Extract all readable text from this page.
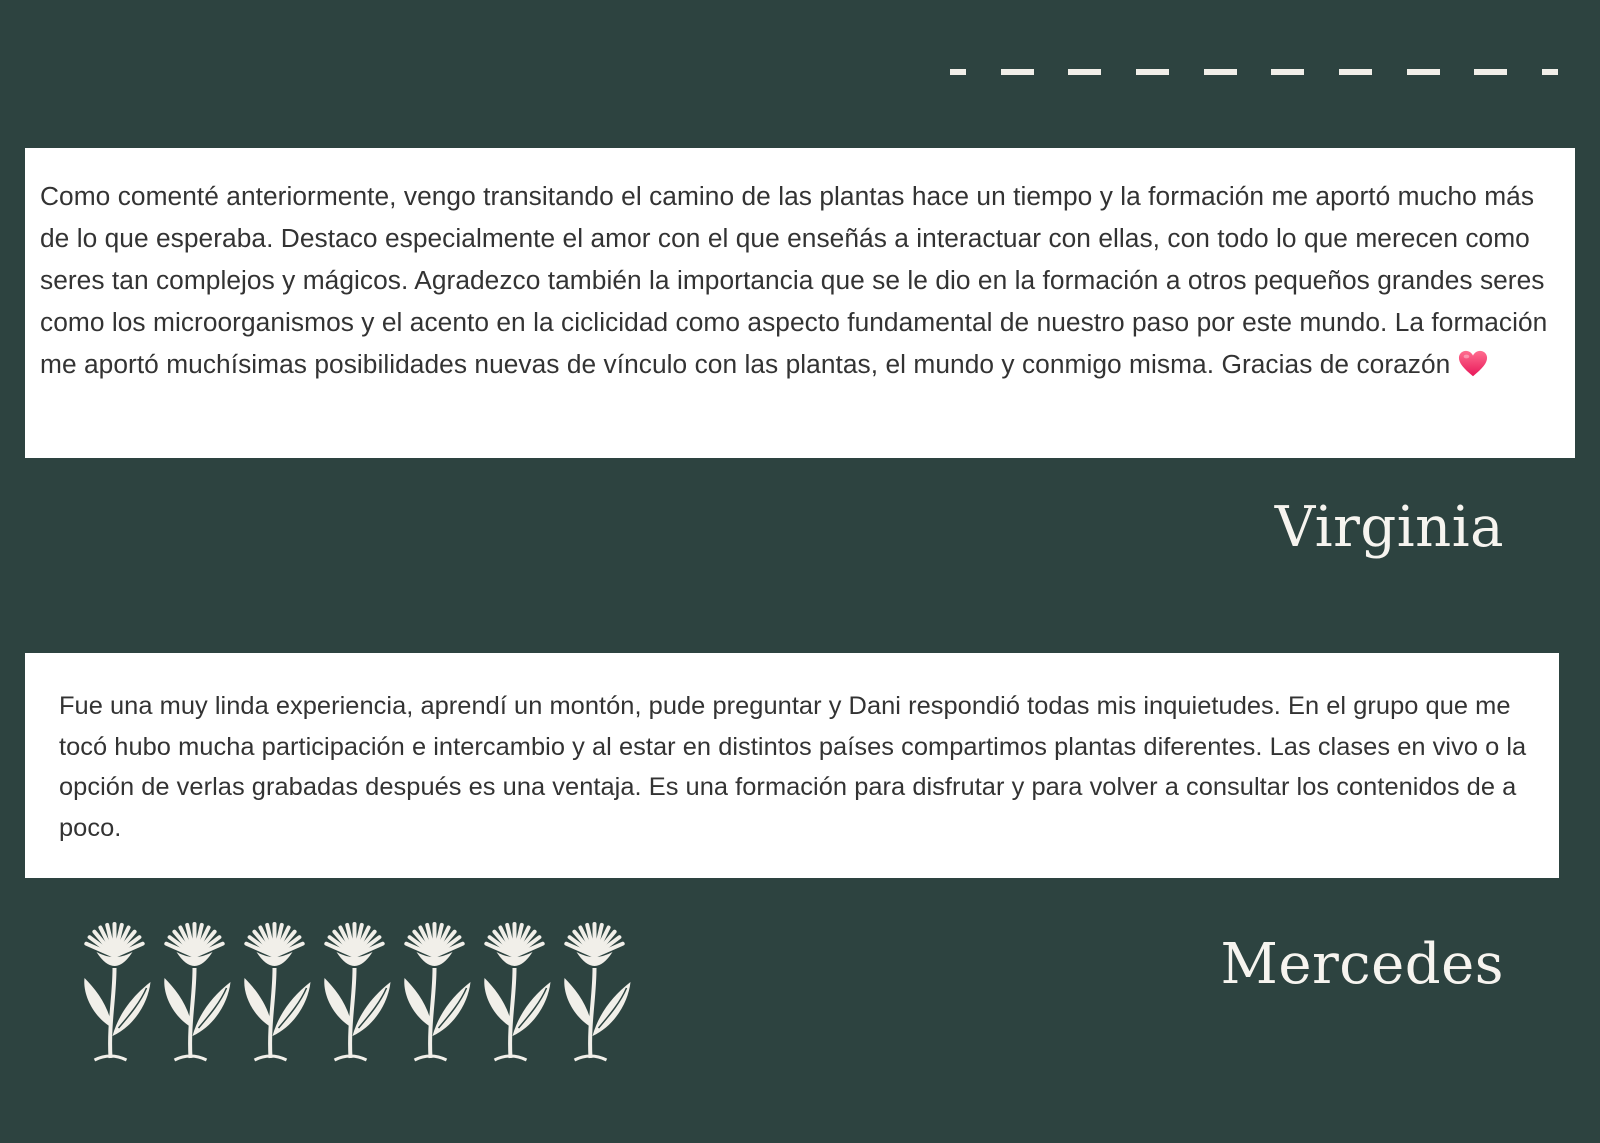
Como comenté anteriormente, vengo transitando el camino de las plantas hace un tiempo y la formación me aportó mucho más de lo que esperaba. Destaco especialmente el amor con el que enseñás a interactuar con ellas, con todo lo que merecen como seres tan complejos y mágicos. Agradezco también la importancia que se le dio en la formación a otros pequeños grandes seres como los microorganismos y el acento en la ciclicidad como aspecto fundamental de nuestro paso por este mundo. La formación me aportó muchísimas posibilidades nuevas de vínculo con las plantas, el mundo y conmigo misma. Gracias de corazón

Virginia

Fue una muy linda experiencia, aprendí un montón, pude preguntar y Dani respondió todas mis inquietudes. En el grupo que me tocó hubo mucha participación e intercambio y al estar en distintos países compartimos plantas diferentes. Las clases en vivo o la opción de verlas grabadas después es una ventaja. Es una formación para disfrutar y para volver a consultar los contenidos de a poco.

Mercedes
